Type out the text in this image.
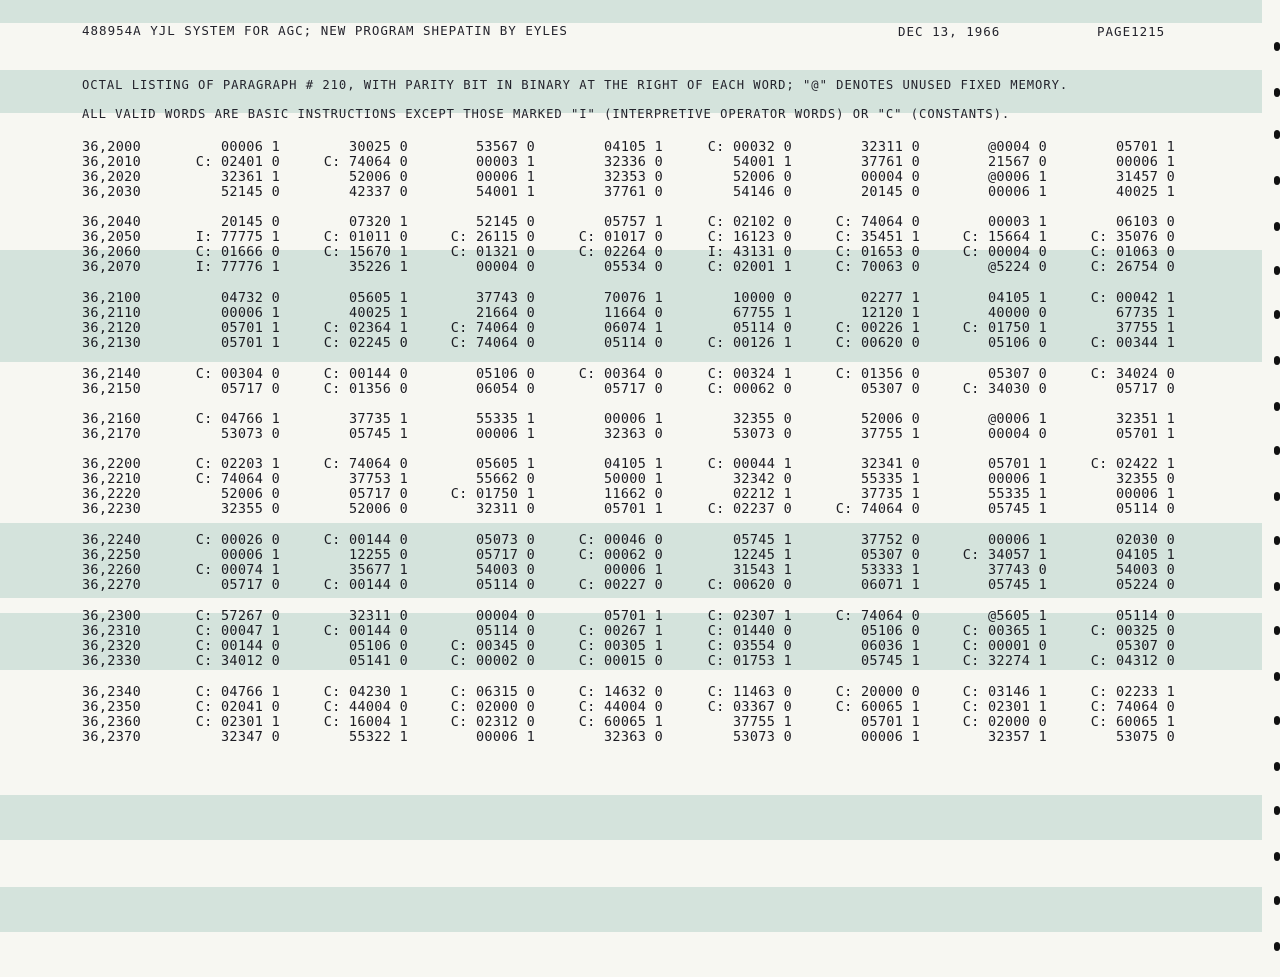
488954A YJL SYSTEM FOR AGC; NEW PROGRAM SHEPATIN BY EYLES	DEC 13, 1966	PAGE1215
OCTAL LISTING OF PARAGRAPH # 210, WITH PARITY BIT IN BINARY AT THE RIGHT OF EACH WORD; "@" DENOTES UNUSED FIXED MEMORY.
ALL VALID WORDS ARE BASIC INSTRUCTIONS EXCEPT THOSE MARKED "I" (INTERPRETIVE OPERATOR WORDS) OR "C" (CONSTANTS).
36,2000	00006 1	30025 0	53567 0	04105 1	C: 00032 0	32311 0	@0004 0	05701 1
36,2010	C: 02401 0	C: 74064 0	00003 1	32336 0	54001 1	37761 0	21567 0	00006 1
36,2020	32361 1	52006 0	00006 1	32353 0	52006 0	00004 0	@0006 1	31457 0
36,2030	52145 0	42337 0	54001 1	37761 0	54146 0	20145 0	00006 1	40025 1
36,2040	20145 0	07320 1	52145 0	05757 1	C: 02102 0	C: 74064 0	00003 1	06103 0
36,2050	I: 77775 1	C: 01011 0	C: 26115 0	C: 01017 0	C: 16123 0	C: 35451 1	C: 15664 1	C: 35076 0
36,2060	C: 01666 0	C: 15670 1	C: 01321 0	C: 02264 0	I: 43131 0	C: 01653 0	C: 00004 0	C: 01063 0
36,2070	I: 77776 1	35226 1	00004 0	05534 0	C: 02001 1	C: 70063 0	@5224 0	C: 26754 0
36,2100	04732 0	05605 1	37743 0	70076 1	10000 0	02277 1	04105 1	C: 00042 1
36,2110	00006 1	40025 1	21664 0	11664 0	67755 1	12120 1	40000 0	67735 1
36,2120	05701 1	C: 02364 1	C: 74064 0	06074 1	05114 0	C: 00226 1	C: 01750 1	37755 1
36,2130	05701 1	C: 02245 0	C: 74064 0	05114 0	C: 00126 1	C: 00620 0	05106 0	C: 00344 1
36,2140	C: 00304 0	C: 00144 0	05106 0	C: 00364 0	C: 00324 1	C: 01356 0	05307 0	C: 34024 0
36,2150	05717 0	C: 01356 0	06054 0	05717 0	C: 00062 0	05307 0	C: 34030 0	05717 0
36,2160	C: 04766 1	37735 1	55335 1	00006 1	32355 0	52006 0	@0006 1	32351 1
36,2170	53073 0	05745 1	00006 1	32363 0	53073 0	37755 1	00004 0	05701 1
36,2200	C: 02203 1	C: 74064 0	05605 1	04105 1	C: 00044 1	32341 0	05701 1	C: 02422 1
36,2210	C: 74064 0	37753 1	55662 0	50000 1	32342 0	55335 1	00006 1	32355 0
36,2220	52006 0	05717 0	C: 01750 1	11662 0	02212 1	37735 1	55335 1	00006 1
36,2230	32355 0	52006 0	32311 0	05701 1	C: 02237 0	C: 74064 0	05745 1	05114 0
36,2240	C: 00026 0	C: 00144 0	05073 0	C: 00046 0	05745 1	37752 0	00006 1	02030 0
36,2250	00006 1	12255 0	05717 0	C: 00062 0	12245 1	05307 0	C: 34057 1	04105 1
36,2260	C: 00074 1	35677 1	54003 0	00006 1	31543 1	53333 1	37743 0	54003 0
36,2270	05717 0	C: 00144 0	05114 0	C: 00227 0	C: 00620 0	06071 1	05745 1	05224 0
36,2300	C: 57267 0	32311 0	00004 0	05701 1	C: 02307 1	C: 74064 0	@5605 1	05114 0
36,2310	C: 00047 1	C: 00144 0	05114 0	C: 00267 1	C: 01440 0	05106 0	C: 00365 1	C: 00325 0
36,2320	C: 00144 0	05106 0	C: 00345 0	C: 00305 1	C: 03554 0	06036 1	C: 00001 0	05307 0
36,2330	C: 34012 0	05141 0	C: 00002 0	C: 00015 0	C: 01753 1	05745 1	C: 32274 1	C: 04312 0
36,2340	C: 04766 1	C: 04230 1	C: 06315 0	C: 14632 0	C: 11463 0	C: 20000 0	C: 03146 1	C: 02233 1
36,2350	C: 02041 0	C: 44004 0	C: 02000 0	C: 44004 0	C: 03367 0	C: 60065 1	C: 02301 1	C: 74064 0
36,2360	C: 02301 1	C: 16004 1	C: 02312 0	C: 60065 1	37755 1	05701 1	C: 02000 0	C: 60065 1
36,2370	32347 0	55322 1	00006 1	32363 0	53073 0	00006 1	32357 1	53075 0
